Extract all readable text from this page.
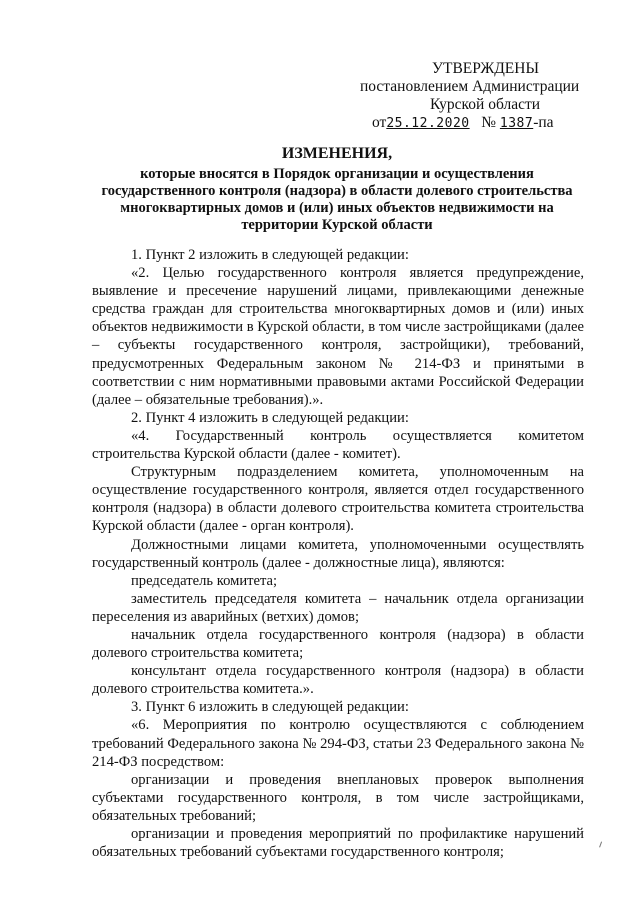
УТВЕРЖДЕНЫ
постановлением Администрации
Курской области
от25.12.2020 № 1387-па
ИЗМЕНЕНИЯ,
которые вносятся в Порядок организации и осуществления
государственного контроля (надзора) в области долевого строительства
многоквартирных домов и (или) иных объектов недвижимости на
территории Курской области

1. Пункт 2 изложить в следующей редакции:

«2. Целью государственного контроля является предупреждение, выявление и пресечение нарушений лицами, привлекающими денежные средства граждан для строительства многоквартирных домов и (или) иных объектов недвижимости в Курской области, в том числе застройщиками (далее – субъекты государственного контроля, застройщики), требований, предусмотренных Федеральным законом № 214-ФЗ и принятыми в соответствии с ним нормативными правовыми актами Российской Федерации (далее – обязательные требования).».

2. Пункт 4 изложить в следующей редакции:

«4. Государственный контроль осуществляется комитетом строительства Курской области (далее - комитет).

Структурным подразделением комитета, уполномоченным на осуществление государственного контроля, является отдел государственного контроля (надзора) в области долевого строительства комитета строительства Курской области (далее - орган контроля).

Должностными лицами комитета, уполномоченными осуществлять государственный контроль (далее - должностные лица), являются:

председатель комитета;

заместитель председателя комитета – начальник отдела организации переселения из аварийных (ветхих) домов;

начальник отдела государственного контроля (надзора) в области долевого строительства комитета;

консультант отдела государственного контроля (надзора) в области долевого строительства комитета.».

3. Пункт 6 изложить в следующей редакции:

«6. Мероприятия по контролю осуществляются с соблюдением требований Федерального закона № 294-ФЗ, статьи 23 Федерального закона № 214-ФЗ посредством:

организации и проведения внеплановых проверок выполнения субъектами государственного контроля, в том числе застройщиками, обязательных требований;

организации и проведения мероприятий по профилактике нарушений обязательных требований субъектами государственного контроля;
